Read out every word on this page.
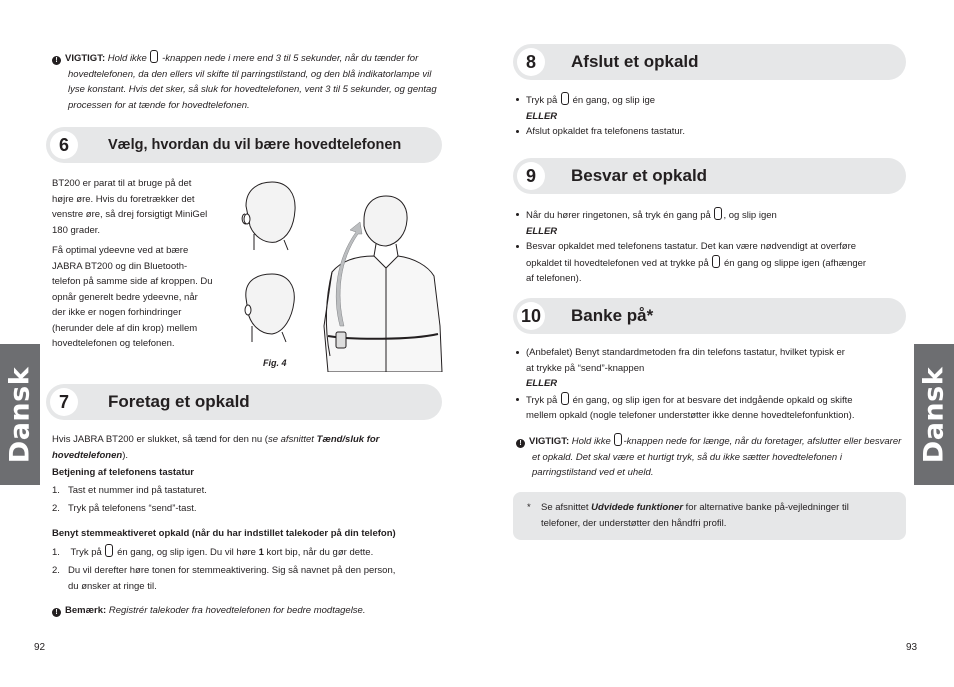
Dansk	Dansk
! VIGTIGT: Hold ikke -knappen nede i mere end 3 til 5 sekunder, når du tænder for
hovedtelefonen, da den ellers vil skifte til parringstilstand, og den blå indikatorlampe vil
lyse konstant. Hvis det sker, så sluk for hovedtelefonen, vent 3 til 5 sekunder, og gentag
processen for at tænde for hovedtelefonen.
6	Vælg, hvordan du vil bære hovedtelefonen
BT200 er parat til at bruge på det
højre øre. Hvis du foretrækker det
venstre øre, så drej forsigtigt MiniGel
180 grader.
Få optimal ydeevne ved at bære
JABRA BT200 og din Bluetooth-
telefon på samme side af kroppen. Du
opnår generelt bedre ydeevne, når
der ikke er nogen forhindringer
(herunder dele af din krop) mellem
hovedtelefonen og telefonen.
Fig. 4
7	Foretag et opkald
Hvis JABRA BT200 er slukket, så tænd for den nu (se afsnittet Tænd/sluk for
hovedtelefonen).
Betjening af telefonens tastatur
1. Tast et nummer ind på tastaturet.
2. Tryk på telefonens “send”-tast.
Benyt stemmeaktiveret opkald (når du har indstillet talekoder på din telefon)
1. Tryk på én gang, og slip igen. Du vil høre 1 kort bip, når du gør dette.
2. Du vil derefter høre tonen for stemmeaktivering. Sig så navnet på den person,
du ønsker at ringe til.
! Bemærk: Registrér talekoder fra hovedtelefonen for bedre modtagelse.
92
8	Afslut et opkald
Tryk på én gang, og slip ige
ELLER
Afslut opkaldet fra telefonens tastatur.
9	Besvar et opkald
Når du hører ringetonen, så tryk én gang på , og slip igen
ELLER
Besvar opkaldet med telefonens tastatur. Det kan være nødvendigt at overføre
opkaldet til hovedtelefonen ved at trykke på én gang og slippe igen (afhænger
af telefonen).
10 Banke på*
(Anbefalet) Benyt standardmetoden fra din telefons tastatur, hvilket typisk er
at trykke på “send”-knappen
ELLER
Tryk på én gang, og slip igen for at besvare det indgående opkald og skifte
mellem opkald (nogle telefoner understøtter ikke denne hovedtelefonfunktion).
! VIGTIGT: Hold ikke -knappen nede for længe, når du foretager, afslutter eller besvarer
et opkald. Det skal være et hurtigt tryk, så du ikke sætter hovedtelefonen i
parringstilstand ved et uheld.
* Se afsnittet Udvidede funktioner for alternative banke på-vejledninger til
telefoner, der understøtter den håndfri profil.
93
